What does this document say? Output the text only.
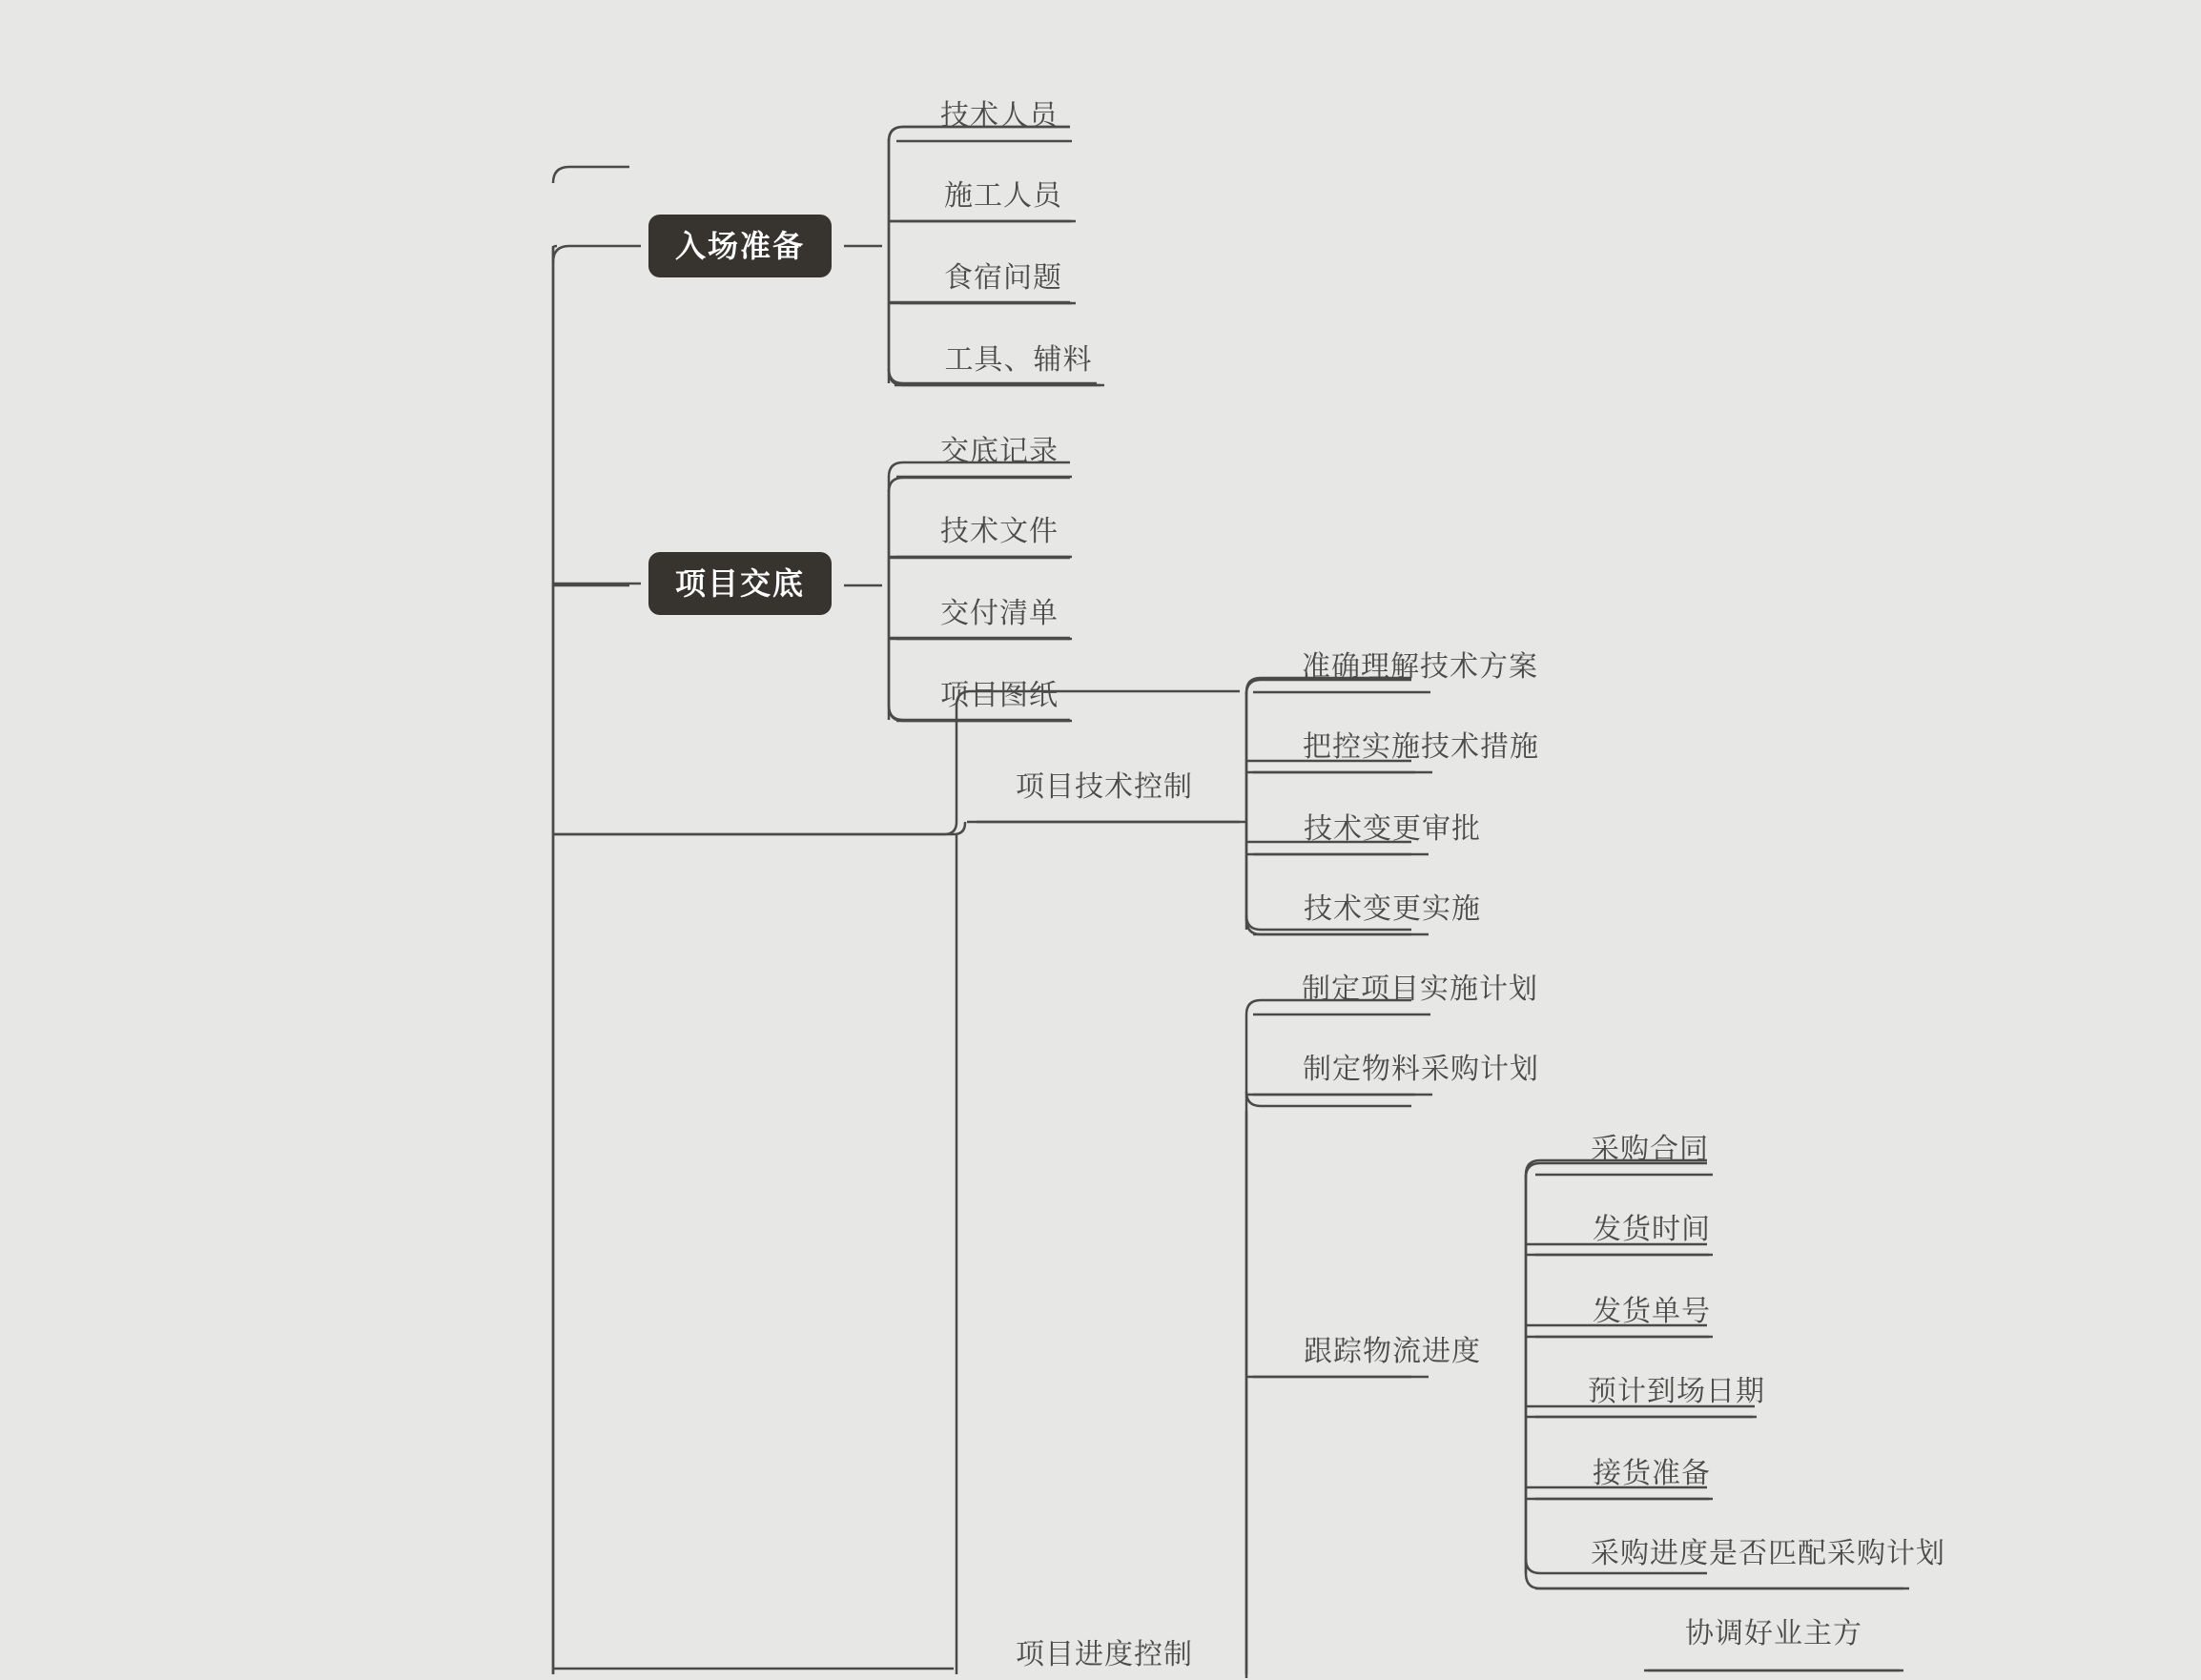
入场准备
技术人员
施工人员
食宿问题
工具、辅料
项目交底
交底记录
技术文件
交付清单
项目图纸
项目技术控制
准确理解技术方案
把控实施技术措施
技术变更审批
技术变更实施
制定项目实施计划
制定物料采购计划
跟踪物流进度
采购合同
发货时间
发货单号
预计到场日期
接货准备
采购进度是否匹配采购计划
项目进度控制
协调好业主方
